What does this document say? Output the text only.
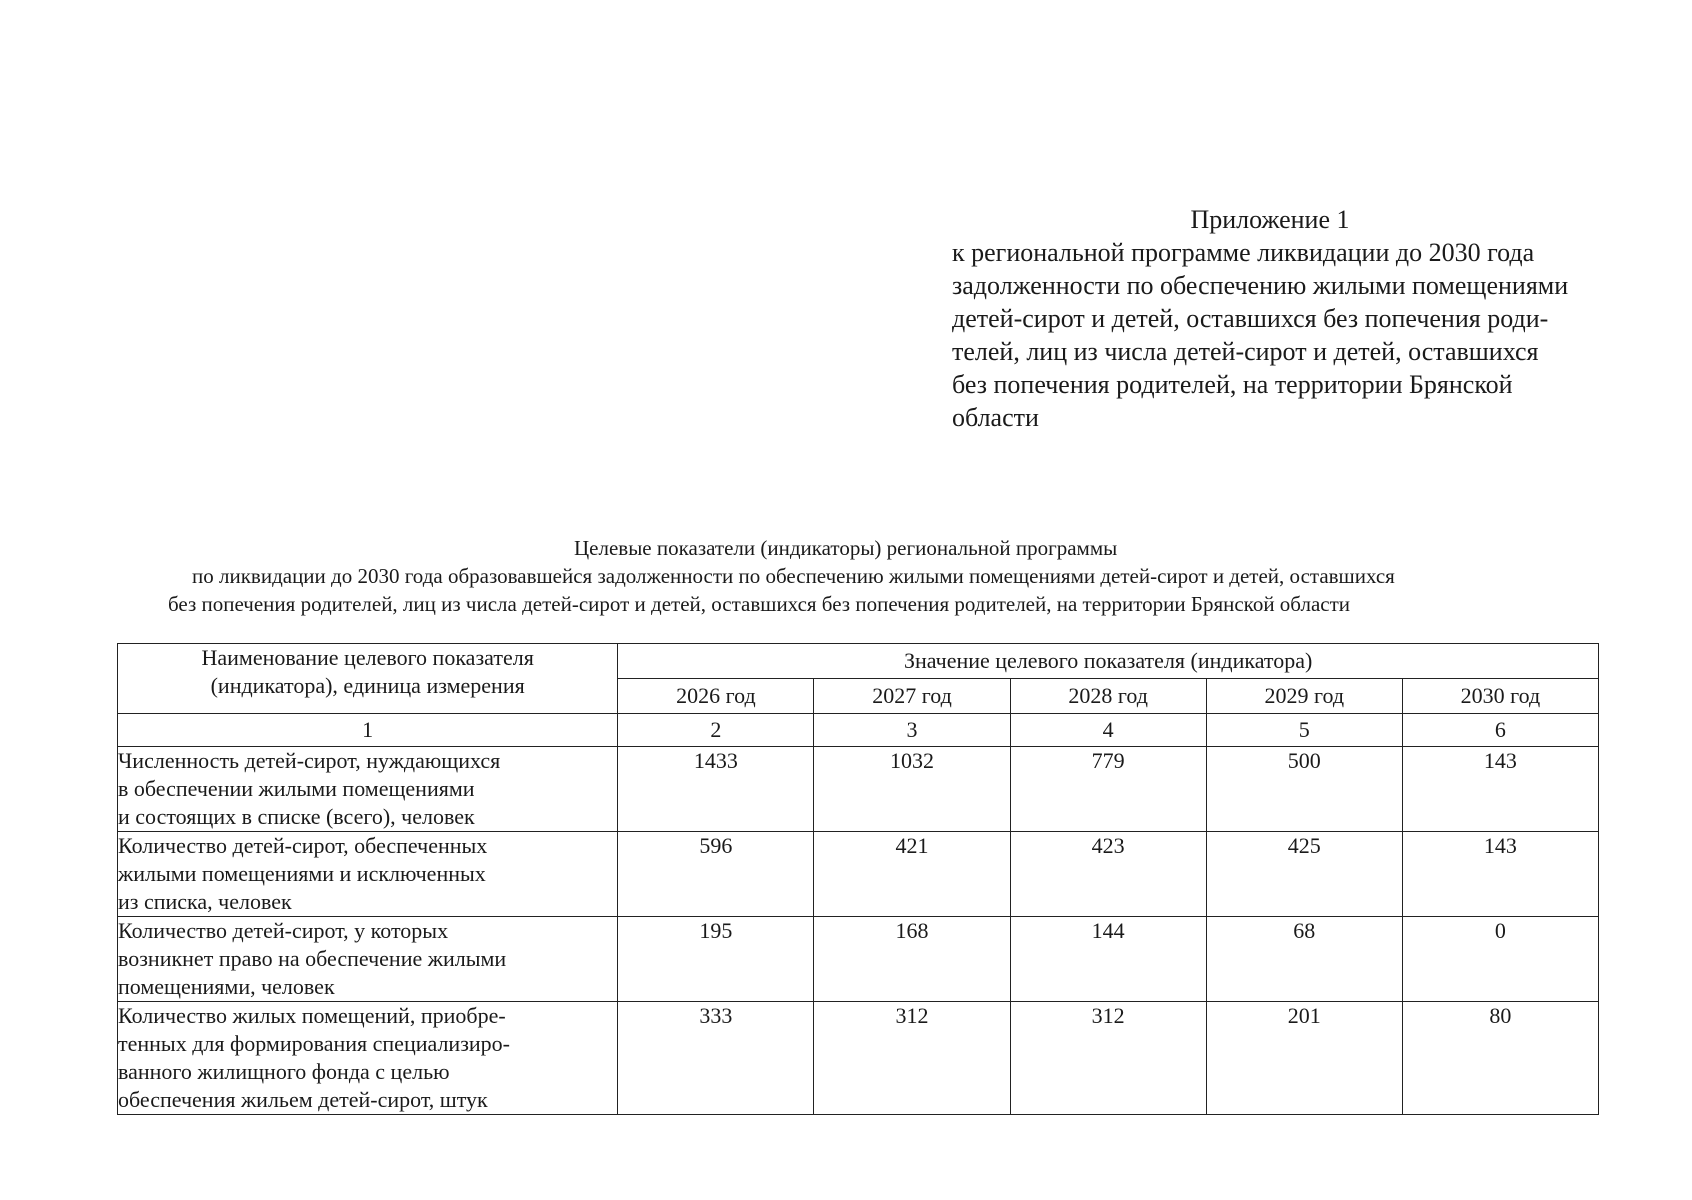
Приложение 1
к региональной программе ликвидации до 2030 года
задолженности по обеспечению жилыми помещениями
детей-сирот и детей, оставшихся без попечения роди-
телей, лиц из числа детей-сирот и детей, оставшихся
без попечения родителей, на территории Брянской
области
Целевые показатели (индикаторы) региональной программы
по ликвидации до 2030 года образовавшейся задолженности по обеспечению жилыми помещениями детей-сирот и детей, оставшихся
без попечения родителей, лиц из числа детей-сирот и детей, оставшихся без попечения родителей, на территории Брянской области
Наименование целевого показателя
(индикатора), единица измерения	Значение целевого показателя (индикатора)				
	2026 год	2027 год	2028 год	2029 год	2030 год
1	2	3	4	5	6

Численность детей-сирот, нуждающихся
в обеспечении жилыми помещениями
и состоящих в списке (всего), человек	1433	1032	779	500	143

Количество детей-сирот, обеспеченных
жилыми помещениями и исключенных
из списка, человек	596	421	423	425	143

Количество детей-сирот, у которых
возникнет право на обеспечение жилыми
помещениями, человек	195	168	144	68	0

Количество жилых помещений, приобре-
тенных для формирования специализиро-
ванного жилищного фонда с целью
обеспечения жильем детей-сирот, штук	333	312	312	201	80
